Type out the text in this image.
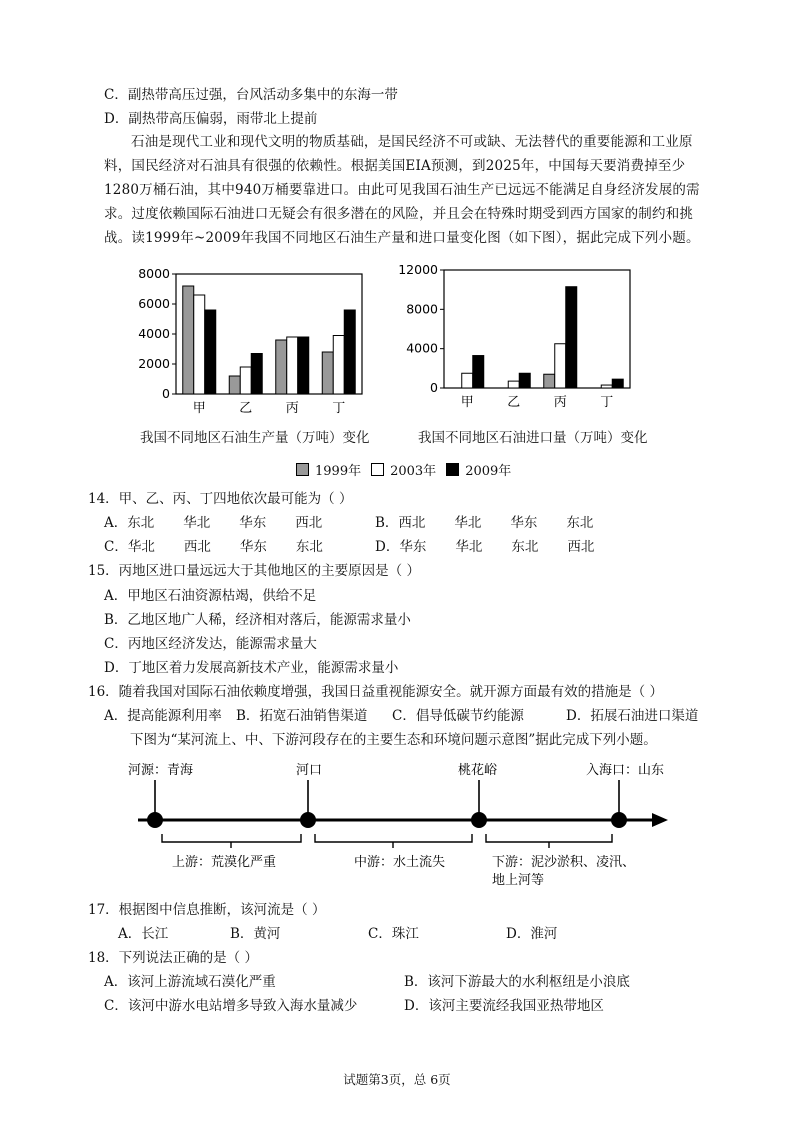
C．副热带高压过强，台风活动多集中的东海一带
D．副热带高压偏弱，雨带北上提前
石油是现代工业和现代文明的物质基础，是国民经济不可或缺、无法替代的重要能源和工业原料，国民经济对石油具有很强的依赖性。根据美国EIA预测，到2025年，中国每天要消费掉至少1280万桶石油，其中940万桶要靠进口。由此可见我国石油生产已远远不能满足自身经济发展的需求。过度依赖国际石油进口无疑会有很多潜在的风险，并且会在特殊时期受到西方国家的制约和挑战。读1999年~2009年我国不同地区石油生产量和进口量变化图（如下图），据此完成下列小题。
0
2000
4000
6000
8000
甲	乙	丙	丁
0
4000
8000
12000
甲	乙	丙	丁
我国不同地区石油生产量（万吨）变化	我国不同地区石油进口量（万吨）变化
1999年 2003年 2009年
14．甲、乙、丙、丁四地依次最可能为（ ）
A．东北 华北 华东 西北	B．西北 华北 华东 东北
C．华北 西北 华东 东北	D．华东 华北 东北 西北
15．丙地区进口量远远大于其他地区的主要原因是（ ）
A．甲地区石油资源枯竭，供给不足
B．乙地区地广人稀，经济相对落后，能源需求量小
C．丙地区经济发达，能源需求量大
D．丁地区着力发展高新技术产业，能源需求量小
16．随着我国对国际石油依赖度增强，我国日益重视能源安全。就开源方面最有效的措施是（ ）
A．提高能源利用率 B．拓宽石油销售渠道 C．倡导低碳节约能源	D．拓展石油进口渠道
下图为“某河流上、中、下游河段存在的主要生态和环境问题示意图”据此完成下列小题。
河源：青海	河口	桃花峪	入海口：山东
上游：荒漠化严重	中游：水土流失	下游：泥沙淤积、凌汛、
地上河等
17．根据图中信息推断，该河流是（ ）
A．长江	B．黄河	C．珠江	D．淮河
18．下列说法正确的是（ ）
A．该河上游流域石漠化严重	B．该河下游最大的水利枢纽是小浪底
C．该河中游水电站增多导致入海水量减少	D．该河主要流经我国亚热带地区
试题第3页，总 6页
